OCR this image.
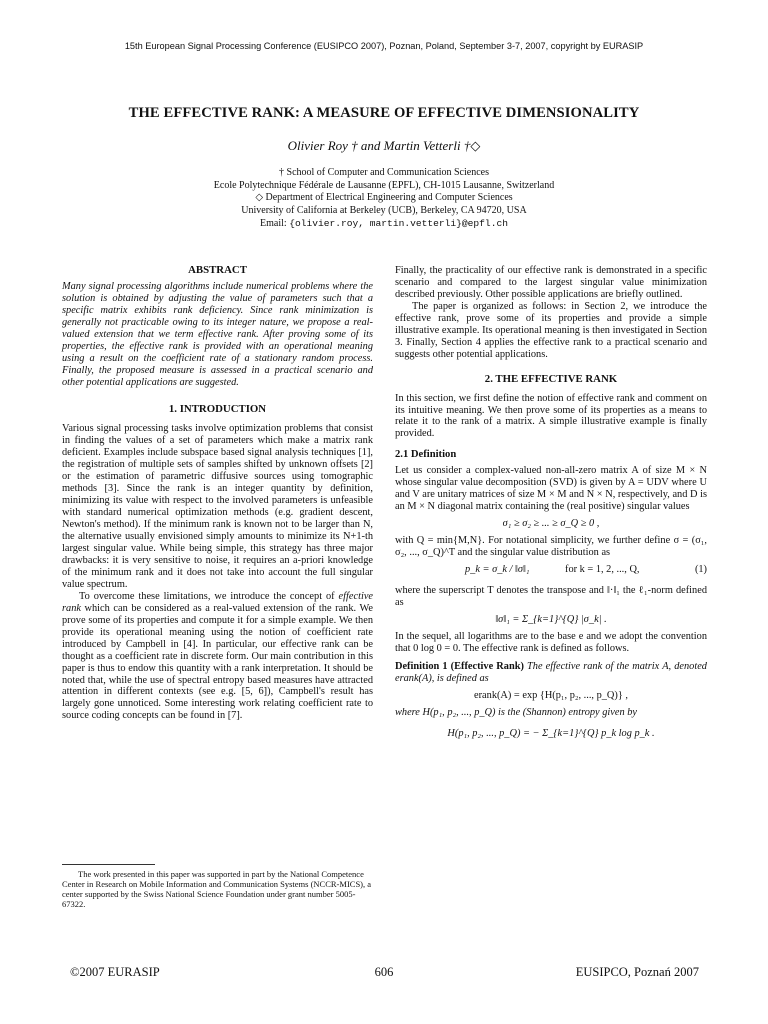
15th European Signal Processing Conference (EUSIPCO 2007), Poznan, Poland, September 3-7, 2007, copyright by EURASIP
THE EFFECTIVE RANK: A MEASURE OF EFFECTIVE DIMENSIONALITY
Olivier Roy † and Martin Vetterli †◇
† School of Computer and Communication Sciences
Ecole Polytechnique Fédérale de Lausanne (EPFL), CH-1015 Lausanne, Switzerland
◇ Department of Electrical Engineering and Computer Sciences
University of California at Berkeley (UCB), Berkeley, CA 94720, USA
Email: {olivier.roy, martin.vetterli}@epfl.ch
ABSTRACT

Many signal processing algorithms include numerical problems where the solution is obtained by adjusting the value of parameters such that a specific matrix exhibits rank deficiency. Since rank minimization is generally not practicable owing to its integer nature, we propose a real-valued extension that we term effective rank. After proving some of its properties, the effective rank is provided with an operational meaning using a result on the coefficient rate of a stationary random process. Finally, the proposed measure is assessed in a practical scenario and other potential applications are suggested.

1. INTRODUCTION

Various signal processing tasks involve optimization problems that consist in finding the values of a set of parameters which make a matrix rank deficient. Examples include subspace based signal analysis techniques [1], the registration of multiple sets of samples shifted by unknown offsets [2] or the estimation of parametric diffusive sources using tomographic methods [3]. Since the rank is an integer quantity by definition, minimizing its value with respect to the involved parameters is unfeasible with standard numerical optimization methods (e.g. gradient descent, Newton's method). If the minimum rank is known not to be larger than N, the alternative usually envisioned simply amounts to minimize its N+1-th largest singular value. While being simple, this strategy has three major drawbacks: it is very sensitive to noise, it requires an a-priori knowledge of the minimum rank and it does not take into account the full singular value spectrum.

To overcome these limitations, we introduce the concept of effective rank which can be considered as a real-valued extension of the rank. We prove some of its properties and compute it for a simple example. We then provide its operational meaning using the notion of coefficient rate introduced by Campbell in [4]. In particular, our effective rank can be thought as a coefficient rate in discrete form. Our main contribution in this paper is thus to endow this quantity with a rank interpretation. It should be noted that, while the use of spectral entropy based measures have attracted attention in different contexts (see e.g. [5, 6]), Campbell's result has largely gone unnoticed. Some interesting work relating coefficient rate to source coding concepts can be found in [7].

The work presented in this paper was supported in part by the National Competence Center in Research on Mobile Information and Communication Systems (NCCR-MICS), a center supported by the Swiss National Science Foundation under grant number 5005-67322.

Finally, the practicality of our effective rank is demonstrated in a specific scenario and compared to the largest singular value minimization described previously. Other possible applications are briefly outlined.

The paper is organized as follows: in Section 2, we introduce the effective rank, prove some of its properties and provide a simple illustrative example. Its operational meaning is then investigated in Section 3. Finally, Section 4 applies the effective rank to a practical scenario and suggests other potential applications.

2. THE EFFECTIVE RANK

In this section, we first define the notion of effective rank and comment on its intuitive meaning. We then prove some of its properties as a means to relate it to the rank of a matrix. A simple illustrative example is finally provided.

2.1 Definition

Let us consider a complex-valued non-all-zero matrix A of size M × N whose singular value decomposition (SVD) is given by A = UDV where U and V are unitary matrices of size M × M and N × N, respectively, and D is an M × N diagonal matrix containing the (real positive) singular values

σ₁ ≥ σ₂ ≥ ... ≥ σ_Q ≥ 0 ,

with Q = min{M,N}. For notational simplicity, we further define σ = (σ₁, σ₂, ..., σ_Q)^T and the singular value distribution as

p_k = σ_k / ‖σ‖₁	for k = 1, 2, ..., Q,	(1)

where the superscript T denotes the transpose and ‖·‖₁ the ℓ₁-norm defined as

‖σ‖₁ = Σ_{k=1}^{Q} |σ_k| .

In the sequel, all logarithms are to the base e and we adopt the convention that 0 log 0 = 0. The effective rank is defined as follows.

Definition 1 (Effective Rank) The effective rank of the matrix A, denoted erank(A), is defined as

erank(A) = exp {H(p₁, p₂, ..., p_Q)} ,

where H(p₁, p₂, ..., p_Q) is the (Shannon) entropy given by

H(p₁, p₂, ..., p_Q) = − Σ_{k=1}^{Q} p_k log p_k .
©2007 EURASIP	606	EUSIPCO, Poznań 2007
